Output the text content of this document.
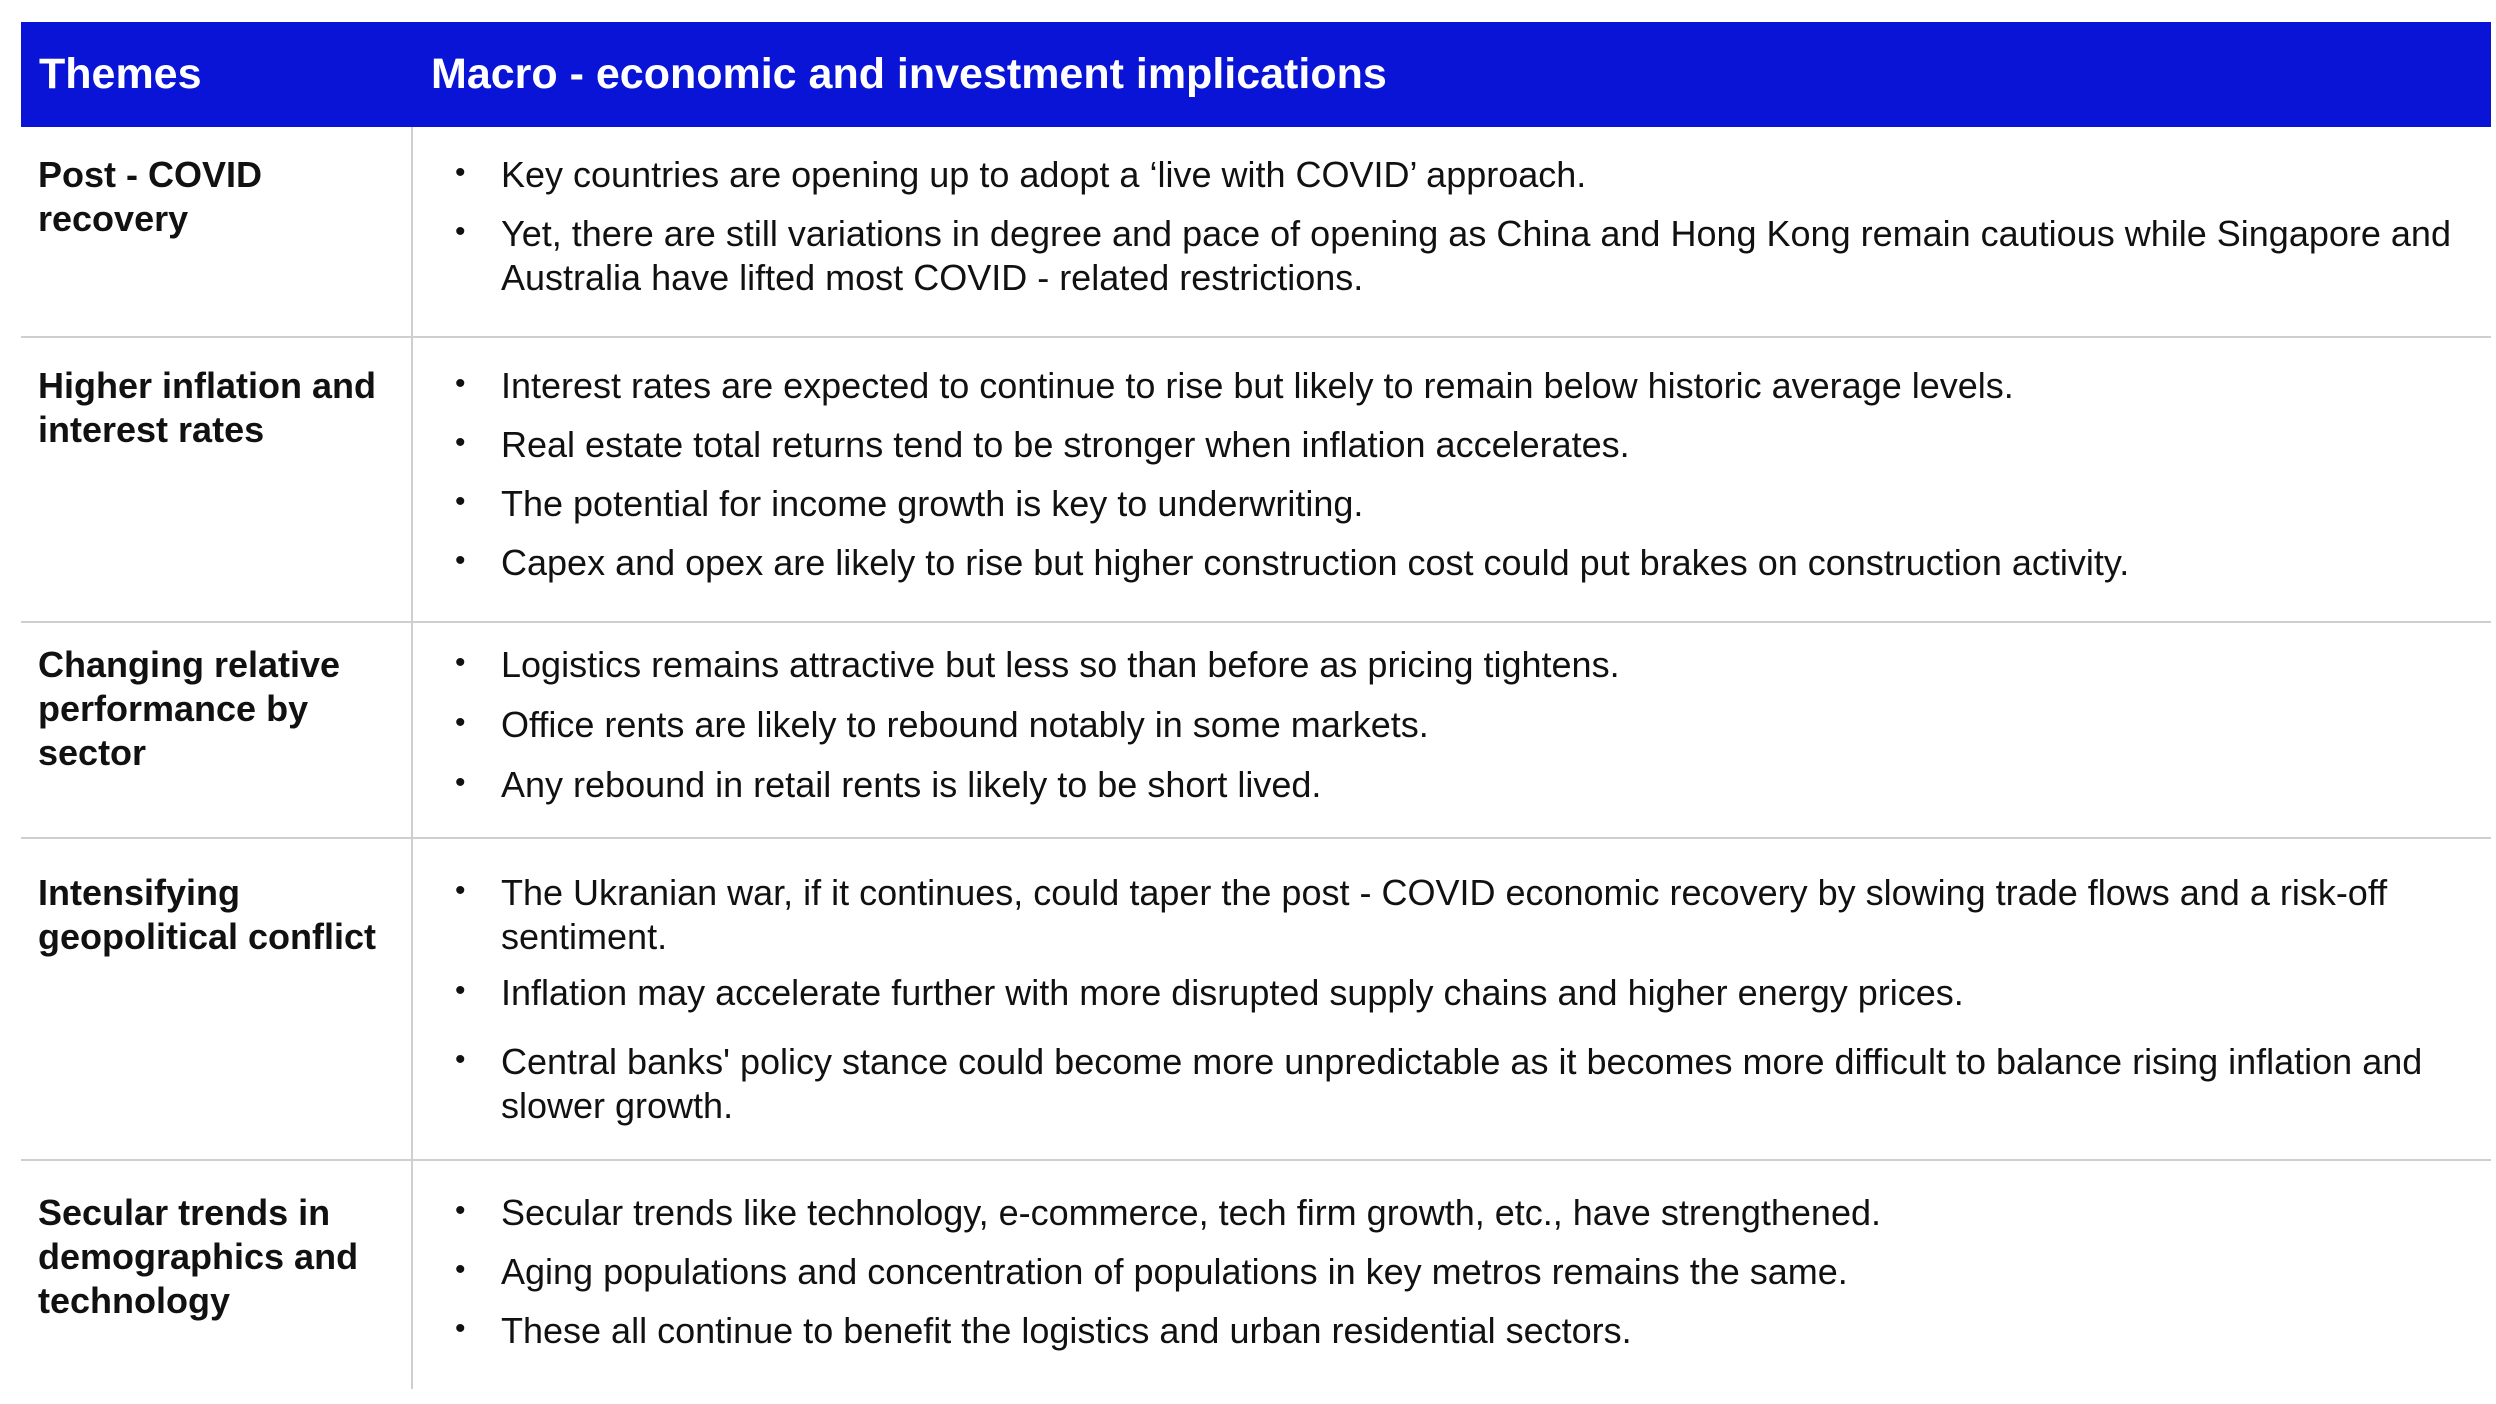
Themes	Macro - economic and investment implications
Post - COVID recovery
• Key countries are opening up to adopt a ‘live with COVID’ approach.
• Yet, there are still variations in degree and pace of opening as China and Hong Kong remain cautious while Singapore and Australia have lifted most COVID - related restrictions.
Higher inflation and interest rates
• Interest rates are expected to continue to rise but likely to remain below historic average levels.
• Real estate total returns tend to be stronger when inflation accelerates.
• The potential for income growth is key to underwriting.
• Capex and opex are likely to rise but higher construction cost could put brakes on construction activity.
Changing relative performance by sector
• Logistics remains attractive but less so than before as pricing tightens.
• Office rents are likely to rebound notably in some markets.
• Any rebound in retail rents is likely to be short lived.
Intensifying geopolitical conflict
• The Ukranian war, if it continues, could taper the post - COVID economic recovery by slowing trade flows and a risk-off sentiment.
• Inflation may accelerate further with more disrupted supply chains and higher energy prices.
• Central banks' policy stance could become more unpredictable as it becomes more difficult to balance rising inflation and slower growth.
Secular trends in demographics and technology
• Secular trends like technology, e-commerce, tech firm growth, etc., have strengthened.
• Aging populations and concentration of populations in key metros remains the same.
• These all continue to benefit the logistics and urban residential sectors.
